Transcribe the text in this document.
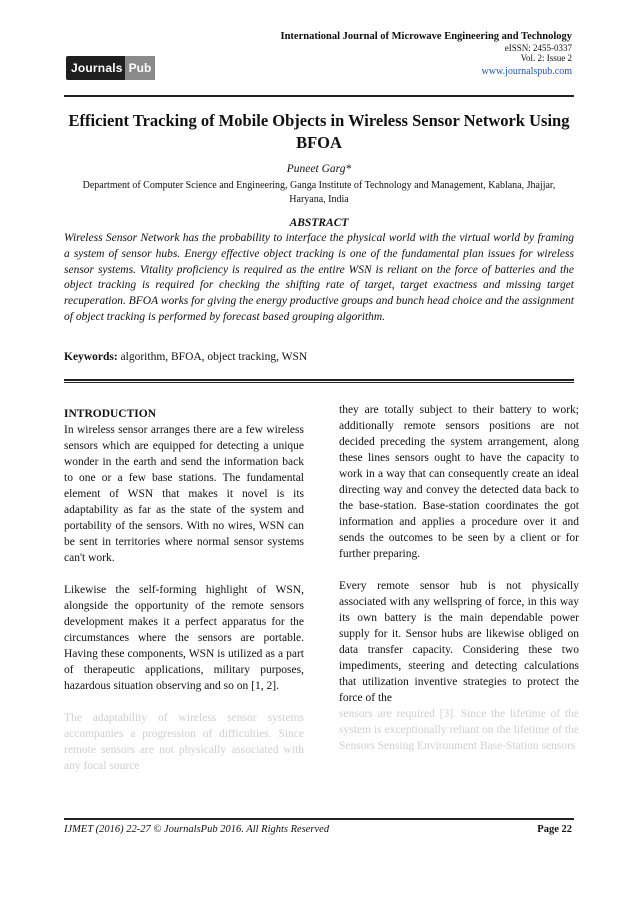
Journals Pub
International Journal of Microwave Engineering and Technology
eISSN: 2455-0337
Vol. 2: Issue 2
www.journalspub.com
Efficient Tracking of Mobile Objects in Wireless Sensor Network Using BFOA
Puneet Garg*
Department of Computer Science and Engineering, Ganga Institute of Technology and Management, Kablana, Jhajjar, Haryana, India
ABSTRACT
Wireless Sensor Network has the probability to interface the physical world with the virtual world by framing a system of sensor hubs. Energy effective object tracking is one of the fundamental plan issues for wireless sensor systems. Vitality proficiency is required as the entire WSN is reliant on the force of batteries and the object tracking is required for checking the shifting rate of target, target exactness and missing target recuperation. BFOA works for giving the energy productive groups and bunch head choice and the assignment of object tracking is performed by forecast based grouping algorithm.
Keywords: algorithm, BFOA, object tracking, WSN
INTRODUCTION

In wireless sensor arranges there are a few wireless sensors which are equipped for detecting a unique wonder in the earth and send the information back to one or a few base stations. The fundamental element of WSN that makes it novel is its adaptability as far as the state of the system and portability of the sensors. With no wires, WSN can be sent in territories where normal sensor systems can't work.

Likewise the self-forming highlight of WSN, alongside the opportunity of the remote sensors development makes it a perfect apparatus for the circumstances where the sensors are portable. Having these components, WSN is utilized as a part of therapeutic applications, military purposes, hazardous situation observing and so on [1, 2].

The adaptability of wireless sensor systems accompanies a progression of difficulties. Since remote sensors are not physically associated with any focal source

they are totally subject to their battery to work; additionally remote sensors positions are not decided preceding the system arrangement, along these lines sensors ought to have the capacity to work in a way that can consequently create an ideal directing way and convey the detected data back to the base-station. Base-station coordinates the got information and applies a procedure over it and sends the outcomes to be seen by a client or for further preparing.

Every remote sensor hub is not physically associated with any wellspring of force, in this way its own battery is the main dependable power supply for it. Sensor hubs are likewise obliged on data transfer capacity. Considering these two impediments, steering and detecting calculations that utilization inventive strategies to protect the force of the

sensors are required [3]. Since the lifetime of the system is exceptionally reliant on the lifetime of the Sensors Sensing Environment Base-Station sensors

IJMET (2016) 22-27 © JournalsPub 2016. All Rights Reserved	Page 22
